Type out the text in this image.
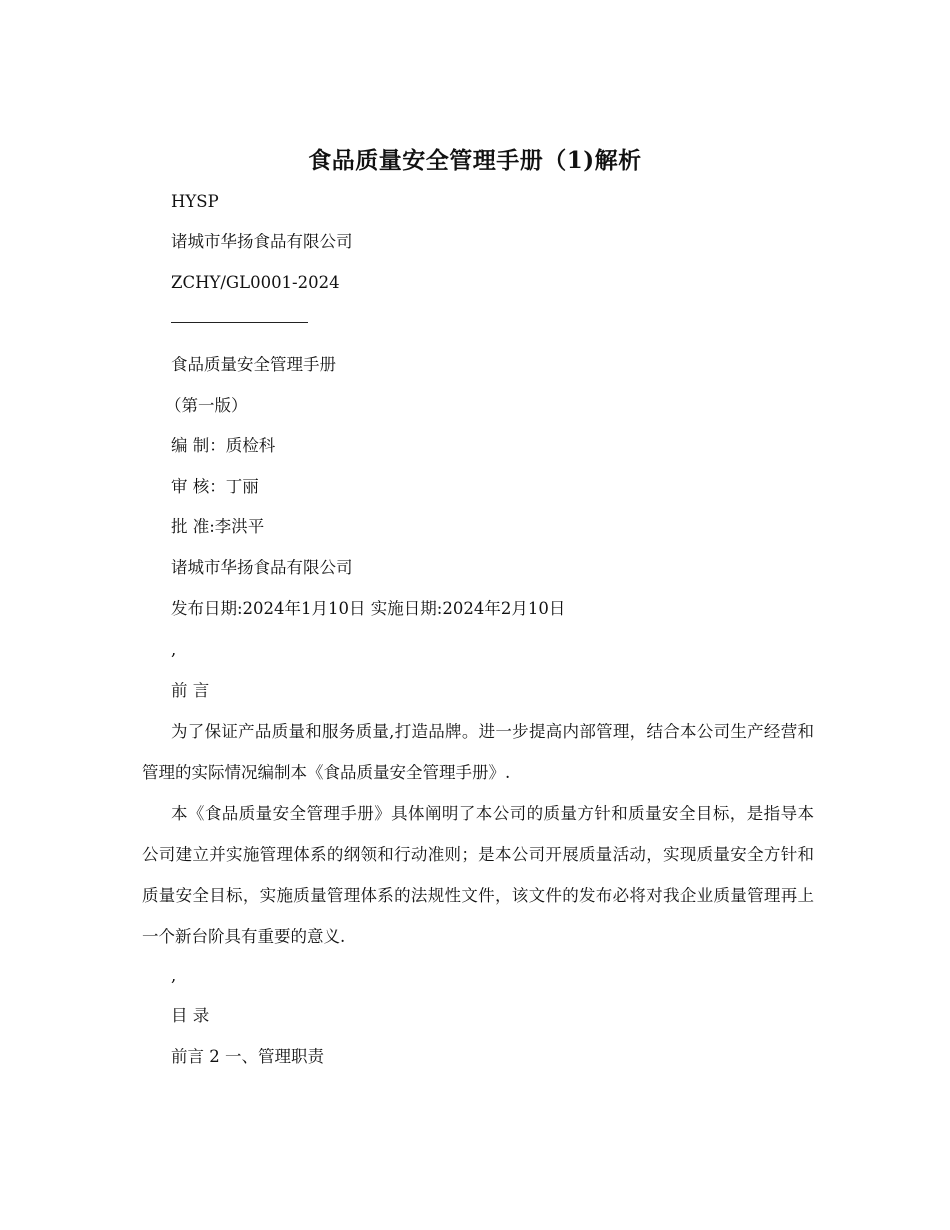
食品质量安全管理手册（1)解析
HYSP
诸城市华扬食品有限公司
ZCHY/GL0001-2024
食品质量安全管理手册
（第一版）
编 制：质检科
审 核：丁丽
批 准:李洪平
诸城市华扬食品有限公司
发布日期:2024年1月10日 实施日期:2024年2月10日
,
前 言
为了保证产品质量和服务质量,打造品牌。进一步提高内部管理，结合本公司生产经营和管理的实际情况编制本《食品质量安全管理手册》.
本《食品质量安全管理手册》具体阐明了本公司的质量方针和质量安全目标，是指导本公司建立并实施管理体系的纲领和行动准则；是本公司开展质量活动，实现质量安全方针和质量安全目标，实施质量管理体系的法规性文件，该文件的发布必将对我企业质量管理再上一个新台阶具有重要的意义.
,
目 录
前言 2 一、管理职责
